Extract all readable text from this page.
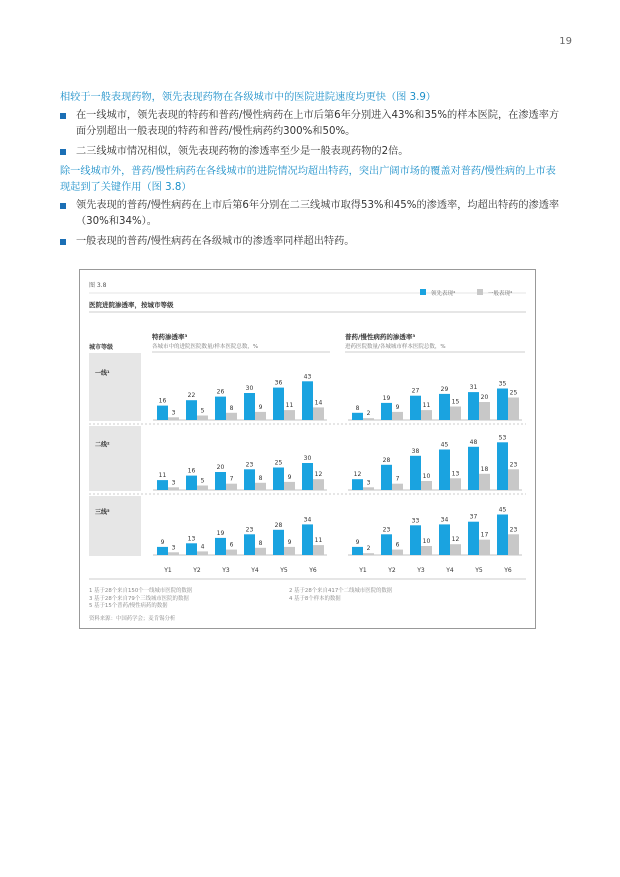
19

相较于一般表现药物，领先表现药物在各级城市中的医院进院速度均更快（图 3.9）

在一线城市，领先表现的特药和普药/慢性病药在上市后第6年分别进入43%和35%的样本医院，在渗透率方面分别超出一般表现的特药和普药/慢性病药约300%和50%。
二三线城市情况相似，领先表现药物的渗透率至少是一般表现药物的2倍。

除一线城市外，普药/慢性病药在各线城市的进院情况均超出特药，突出广阔市场的覆盖对普药/慢性病的上市表现起到了关键作用（图 3.8）

领先表现的普药/慢性病药在上市后第6年分别在二三线城市取得53%和45%的渗透率，均超出特药的渗透率（30%和34%）。
一般表现的普药/慢性病药在各级城市的渗透率同样超出特药。
图 3.8
领先表现⁴	一般表现⁴
医院进院渗透率，按城市等级
城市等级
特药渗透率³
各城市中的进院医院数量/样本医院总数，%
普药/慢性病药的渗透率³
进药医院数量/各城城市样本医院总数，%
一线¹
二线²
三线⁵
16
22
26
30
36
43
3	5	8	9	11	14
11
16
20	23	25
30
3	5	7	8	9	12
9
13
19
23
28
34
3	4	6	8	9	11
Y1	Y2	Y3	Y4	Y5	Y6
8
19
27	29	31
35
2
9	11
15
20
25
12
28
38
45	48
53
3
7	10	13
18
23
9
23
33	34	37
45
2
6
10	12
17
23
Y1	Y2	Y3	Y4	Y5	Y6
1 基于28个来自150个一线城市医院的数据
3 基于28个来自79个三线城市医院的数据
5 基于15个普药/慢性病药的数据
资料来源：中国药学会；麦肯锡分析
2 基于28个来自417个二线城市医院的数据
4 基于8个样本的数据
